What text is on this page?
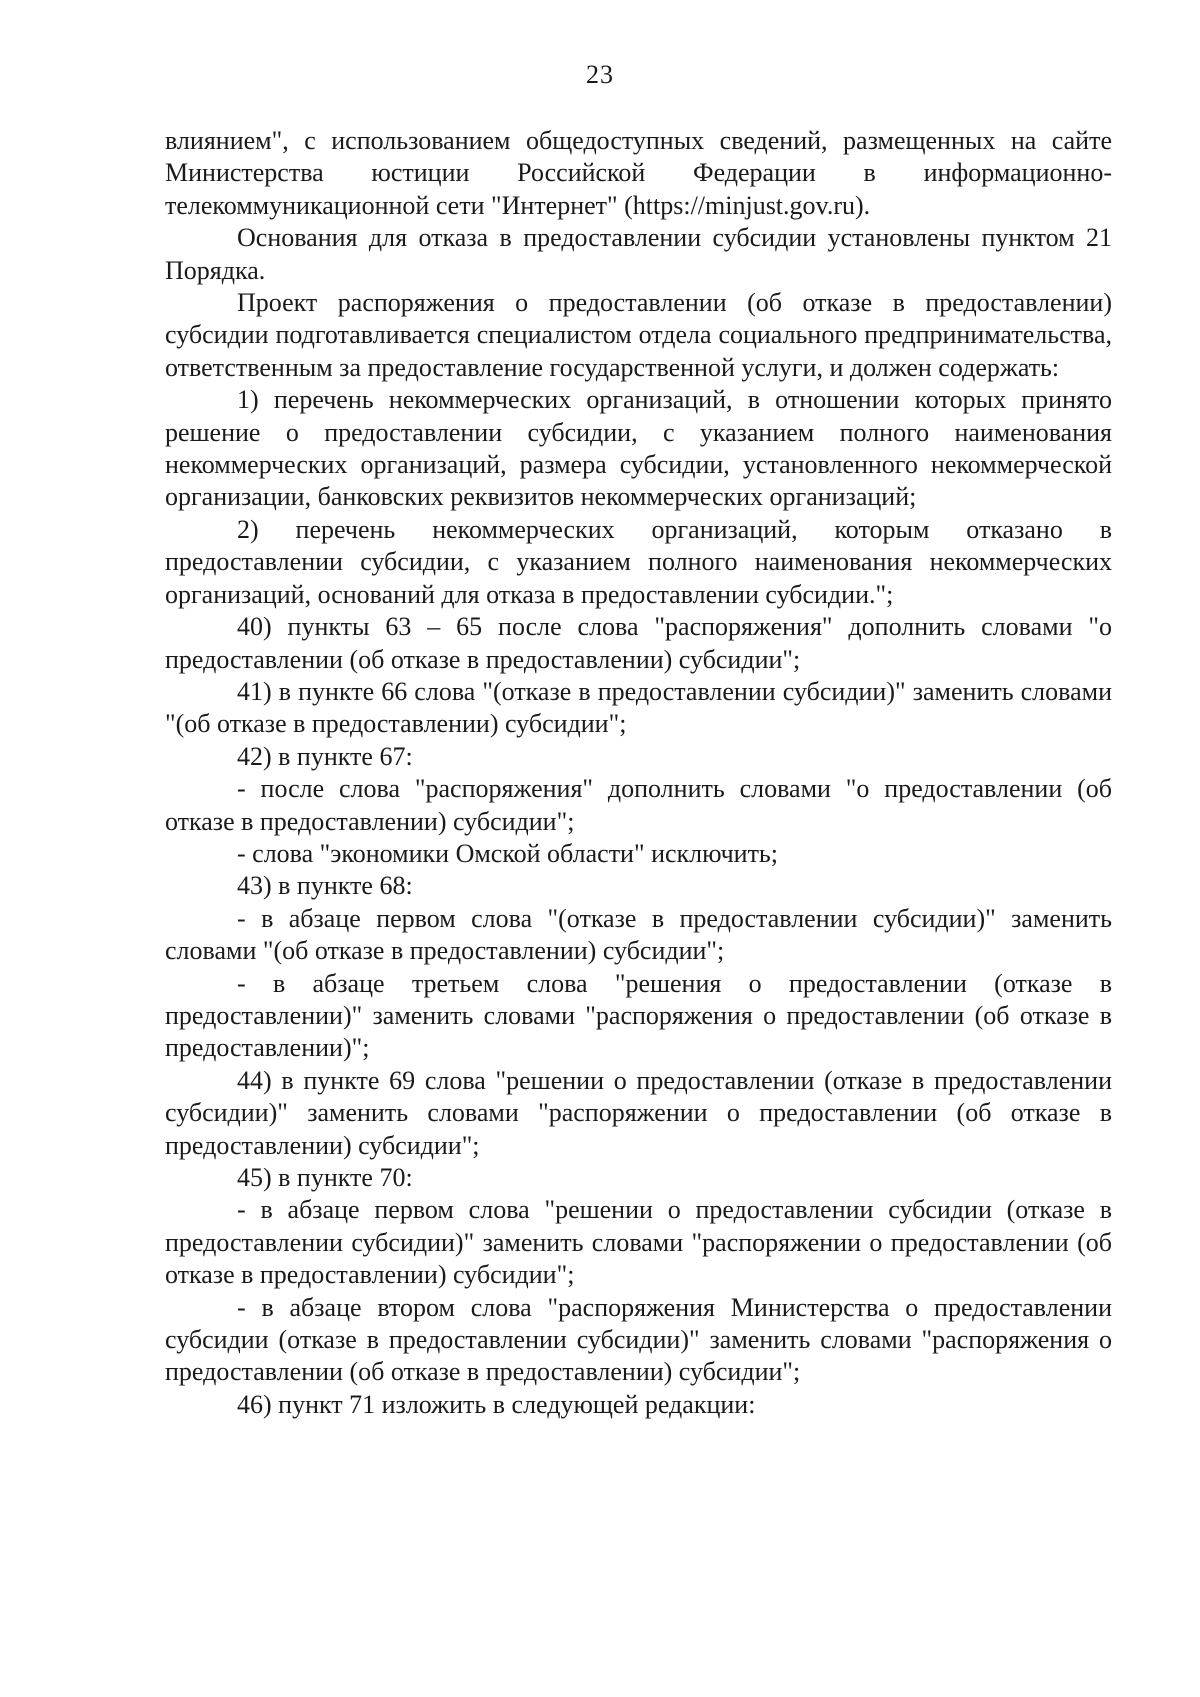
23

влиянием", с использованием общедоступных сведений, размещенных на сайте Министерства юстиции Российской Федерации в информационно-телекоммуникационной сети "Интернет" (https://minjust.gov.ru).

Основания для отказа в предоставлении субсидии установлены пунктом 21 Порядка.

Проект распоряжения о предоставлении (об отказе в предоставлении) субсидии подготавливается специалистом отдела социального предпринимательства, ответственным за предоставление государственной услуги, и должен содержать:

1) перечень некоммерческих организаций, в отношении которых принято решение о предоставлении субсидии, с указанием полного наименования некоммерческих организаций, размера субсидии, установленного некоммерческой организации, банковских реквизитов некоммерческих организаций;

2) перечень некоммерческих организаций, которым отказано в предоставлении субсидии, с указанием полного наименования некоммерческих организаций, оснований для отказа в предоставлении субсидии.";

40) пункты 63 – 65 после слова "распоряжения" дополнить словами "о предоставлении (об отказе в предоставлении) субсидии";

41) в пункте 66 слова "(отказе в предоставлении субсидии)" заменить словами "(об отказе в предоставлении) субсидии";

42) в пункте 67:

- после слова "распоряжения" дополнить словами "о предоставлении (об отказе в предоставлении) субсидии";

- слова "экономики Омской области" исключить;

43) в пункте 68:

- в абзаце первом слова "(отказе в предоставлении субсидии)" заменить словами "(об отказе в предоставлении) субсидии";

- в абзаце третьем слова "решения о предоставлении (отказе в предоставлении)" заменить словами "распоряжения о предоставлении (об отказе в предоставлении)";

44) в пункте 69 слова "решении о предоставлении (отказе в предоставлении субсидии)" заменить словами "распоряжении о предоставлении (об отказе в предоставлении) субсидии";

45) в пункте 70:

- в абзаце первом слова "решении о предоставлении субсидии (отказе в предоставлении субсидии)" заменить словами "распоряжении о предоставлении (об отказе в предоставлении) субсидии";

- в абзаце втором слова "распоряжения Министерства о предоставлении субсидии (отказе в предоставлении субсидии)" заменить словами "распоряжения о предоставлении (об отказе в предоставлении) субсидии";

46) пункт 71 изложить в следующей редакции:
